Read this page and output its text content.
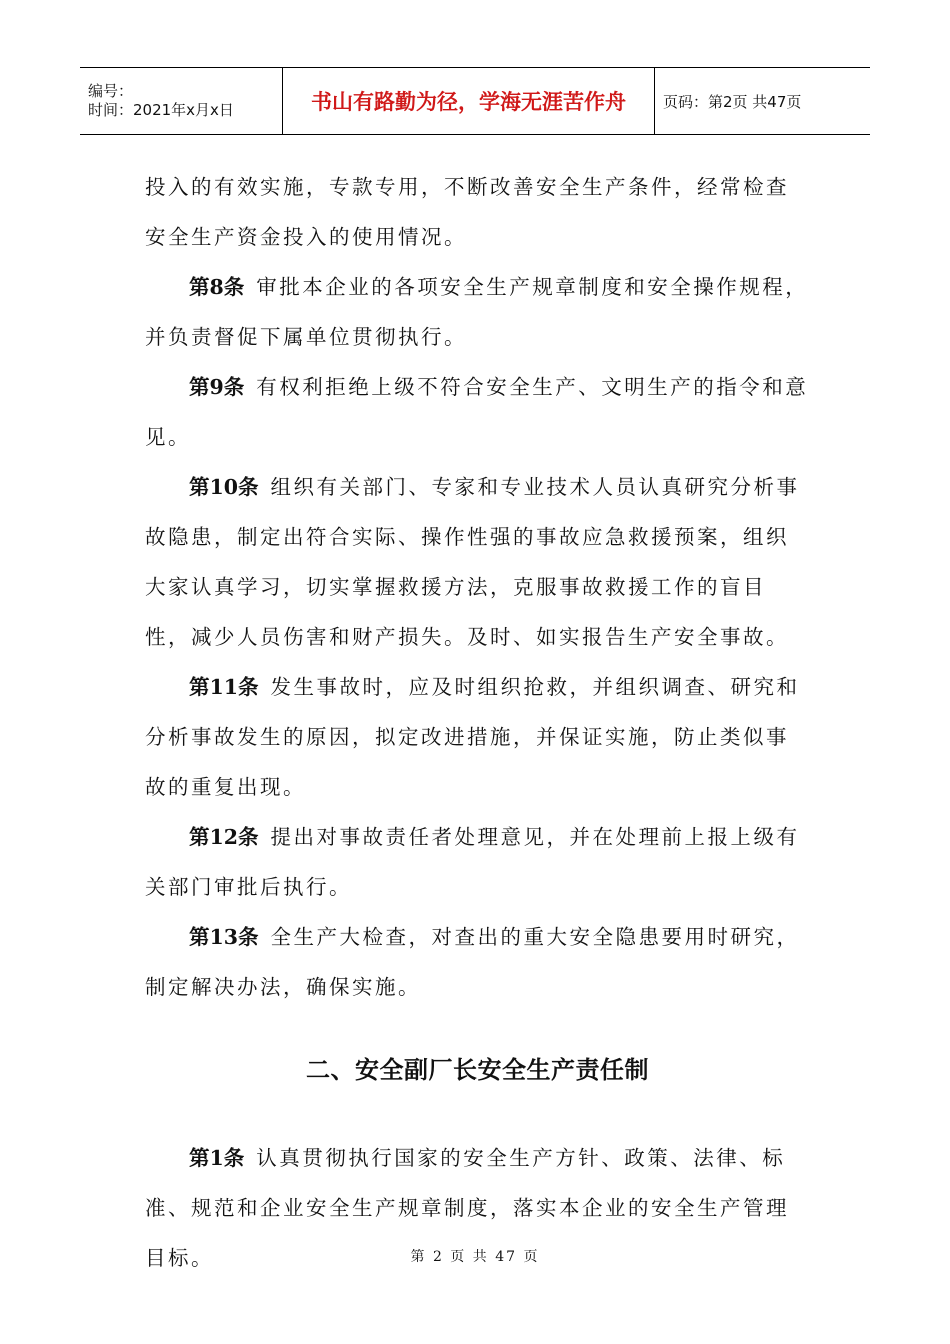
编号：
时间：2021年x月x日	书山有路勤为径，学海无涯苦作舟 页码：第2页 共47页

投入的有效实施，专款专用，不断改善安全生产条件，经常检查安全生产资金投入的使用情况。

第8条 审批本企业的各项安全生产规章制度和安全操作规程，并负责督促下属单位贯彻执行。

第9条 有权利拒绝上级不符合安全生产、文明生产的指令和意见。

第10条 组织有关部门、专家和专业技术人员认真研究分析事故隐患，制定出符合实际、操作性强的事故应急救援预案，组织大家认真学习，切实掌握救援方法，克服事故救援工作的盲目性，减少人员伤害和财产损失。及时、如实报告生产安全事故。

第11条 发生事故时，应及时组织抢救，并组织调查、研究和分析事故发生的原因，拟定改进措施，并保证实施，防止类似事故的重复出现。

第12条 提出对事故责任者处理意见，并在处理前上报上级有关部门审批后执行。

第13条 全生产大检查，对查出的重大安全隐患要用时研究，制定解决办法，确保实施。

二、安全副厂长安全生产责任制

第1条 认真贯彻执行国家的安全生产方针、政策、法律、标准、规范和企业安全生产规章制度，落实本企业的安全生产管理目标。	第 2 页 共 47 页
